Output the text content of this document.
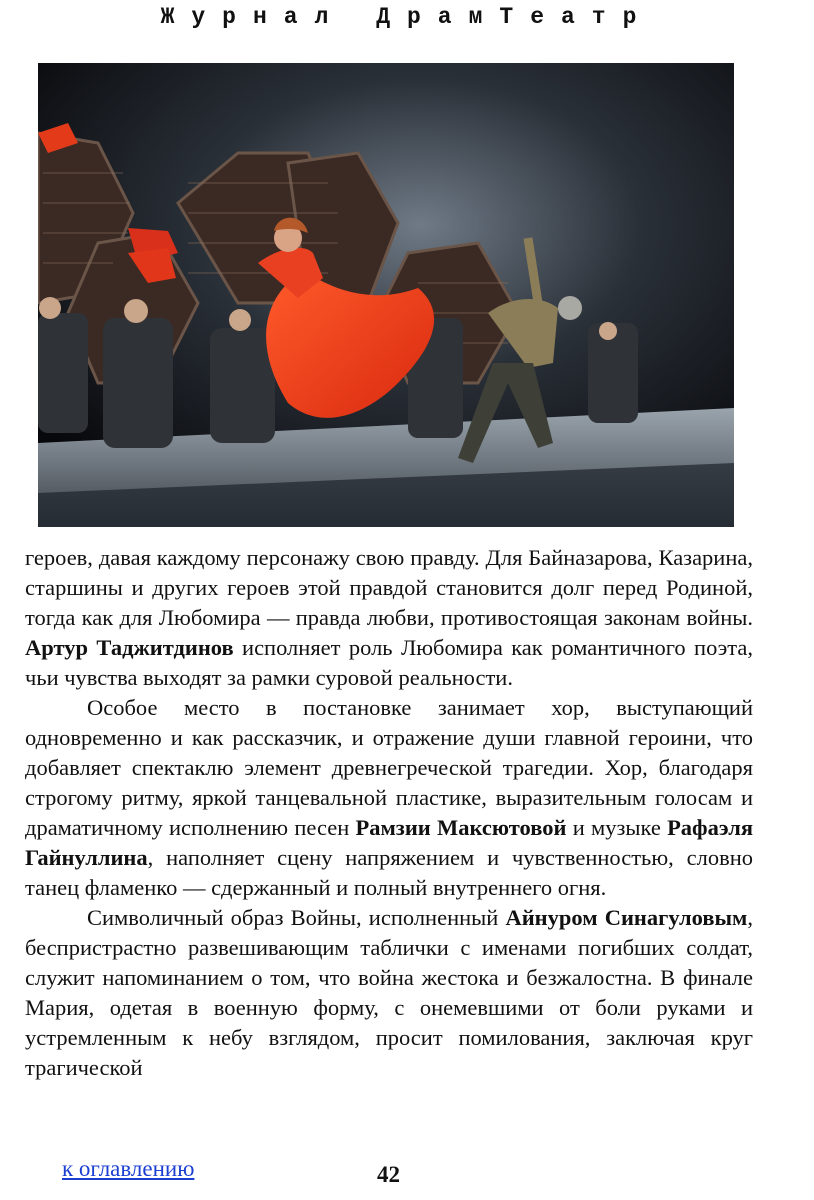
Журнал ДрамТеатр

героев, давая каждому персонажу свою правду. Для Байназарова, Казарина, старшины и других героев этой правдой становится долг перед Родиной, тогда как для Любомира — правда любви, противостоящая законам войны. Артур Таджитдинов исполняет роль Любомира как романтичного поэта, чьи чувства выходят за рамки суровой реальности.

Особое место в постановке занимает хор, выступающий одновременно и как рассказчик, и отражение души главной героини, что добавляет спектаклю элемент древнегреческой трагедии. Хор, благодаря строгому ритму, яркой танцевальной пластике, выразительным голосам и драматичному исполнению песен Рамзии Максютовой и музыке Рафаэля Гайнуллина, наполняет сцену напряжением и чувственностью, словно танец фламенко — сдержанный и полный внутреннего огня.

Символичный образ Войны, исполненный Айнуром Синагуловым, беспристрастно развешивающим таблички с именами погибших солдат, служит напоминанием о том, что война жестока и безжалостна. В финале Мария, одетая в военную форму, с онемевшими от боли руками и устремленным к небу взглядом, просит помилования, заключая круг трагической

к оглавлению	42
